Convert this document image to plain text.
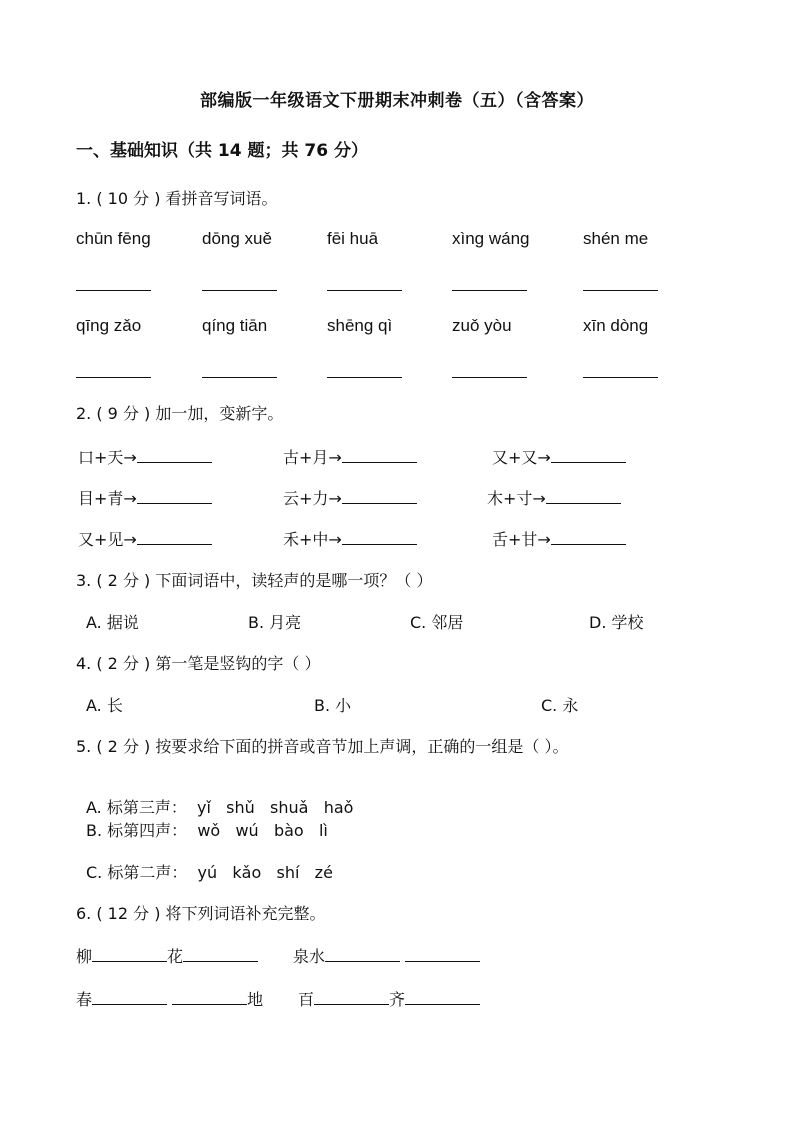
部编版一年级语文下册期末冲刺卷（五）（含答案）
一、基础知识（共 14 题；共 76 分）
1. ( 10 分 ) 看拼音写词语。
chūn fēng	dōng xuě	fēi huā	xìng wáng	shén me
qīng zǎo	qíng tiān	shēng qì	zuǒ yòu	xīn dòng
2. ( 9 分 ) 加一加，变新字。
口+天→	古+月→	又+又→
目+青→	云+力→	木+寸→
又+见→	禾+中→	舌+甘→
3. ( 2 分 ) 下面词语中，读轻声的是哪一项？（ ）
A. 据说	B. 月亮	C. 邻居	D. 学校
4. ( 2 分 ) 第一笔是竖钩的字（ ）
A. 长	B. 小	C. 永
5. ( 2 分 ) 按要求给下面的拼音或音节加上声调，正确的一组是（ ）。

A. 标第三声：  yǐ   shǔ   shuǎ   haǒ

B. 标第四声：  wǒ   wú   bào   lì
C. 标第二声：  yú   kǎo   shí   zé
6. ( 12 分 ) 将下列词语补充完整。
柳	花	泉水
春	地 百	齐
